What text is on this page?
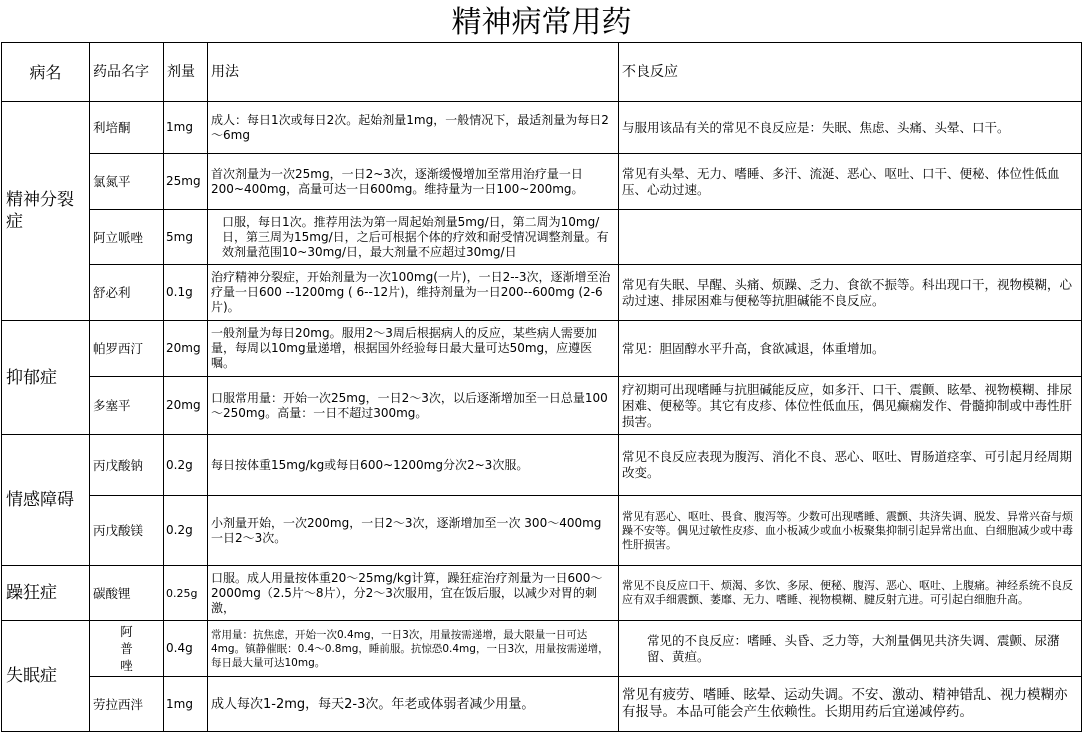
精神病常用药
病名	药品名字	剂量	用法	不良反应
精神分裂症	利培酮	1mg	成人：每日1次或每日2次。起始剂量1mg，一般情况下，最适剂量为每日2～6mg	与服用该品有关的常见不良反应是：失眠、焦虑、头痛、头晕、口干。
	氯氮平	25mg	首次剂量为一次25mg，一日2~3次，逐渐缓慢增加至常用治疗量一日200~400mg，高量可达一日600mg。维持量为一日100~200mg。	常见有头晕、无力、嗜睡、多汗、流涎、恶心、呕吐、口干、便秘、体位性低血压、心动过速。
	阿立哌唑	5mg	口服，每日1次。推荐用法为第一周起始剂量5mg/日，第二周为10mg/日，第三周为15mg/日，之后可根据个体的疗效和耐受情况调整剂量。有效剂量范围10~30mg/日，最大剂量不应超过30mg/日	
	舒必利	0.1g	治疗精神分裂症，开始剂量为一次100mg(一片)，一日2--3次，逐渐增至治疗量一日600 --1200mg ( 6--12片)，维持剂量为一日200--600mg (2-6片)。	常见有失眠、早醒、头痛、烦躁、乏力、食欲不振等。科出现口干，视物模糊，心动过速、排尿困难与便秘等抗胆碱能不良反应。
抑郁症	帕罗西汀	20mg	一般剂量为每日20mg。服用2～3周后根据病人的反应，某些病人需要加量，每周以10mg量递增，根据国外经验每日最大量可达50mg，应遵医嘱。	常见：胆固醇水平升高，食欲减退，体重增加。
	多塞平	20mg	口服常用量：开始一次25mg，一日2～3次，以后逐渐增加至一日总量100～250mg。高量：一日不超过300mg。	疗初期可出现嗜睡与抗胆碱能反应，如多汗、口干、震颤、眩晕、视物模糊、排尿困难、便秘等。其它有皮疹、体位性低血压，偶见癫痫发作、骨髓抑制或中毒性肝损害。
情感障碍	丙戊酸钠	0.2g	每日按体重15mg/kg或每日600~1200mg分次2~3次服。	常见不良反应表现为腹泻、消化不良、恶心、呕吐、胃肠道痉挛、可引起月经周期改变。
	丙戊酸镁	0.2g	小剂量开始，一次200mg，一日2～3次，逐渐增加至一次 300～400mg 一日2～3次。	常见有恶心、呕吐、畏食、腹泻等。少数可出现嗜睡、震颤、共济失调、脱发、异常兴奋与烦躁不安等。偶见过敏性皮疹、血小板减少或血小板聚集抑制引起异常出血、白细胞减少或中毒性肝损害。
躁狂症	碳酸锂	0.25g	口服。成人用量按体重20～25mg/kg计算，躁狂症治疗剂量为一日600～2000mg（2.5片～8片），分2～3次服用，宜在饭后服，以减少对胃的刺激，	常见不良反应口干、烦渴、多饮、多尿、便秘、腹泻、恶心、呕吐、上腹痛。神经系统不良反应有双手细震颤、萎靡、无力、嗜睡、视物模糊、腱反射亢进。可引起白细胞升高。
失眠症	阿普唑	0.4g	常用量：抗焦虑，开始一次0.4mg，一日3次，用量按需递增，最大限量一日可达4mg。镇静催眠：0.4～0.8mg，睡前服。抗惊恐0.4mg，一日3次，用量按需递增，每日最大量可达10mg。	常见的不良反应：嗜睡、头昏、乏力等，大剂量偶见共济失调、震颤、尿潴留、黄疸。
	劳拉西泮	1mg	成人每次1-2mg，每天2-3次。年老或体弱者减少用量。	常见有疲劳、嗜睡、眩晕、运动失调。不安、激动、精神错乱、视力模糊亦有报导。本品可能会产生依赖性。长期用药后宜递减停药。
